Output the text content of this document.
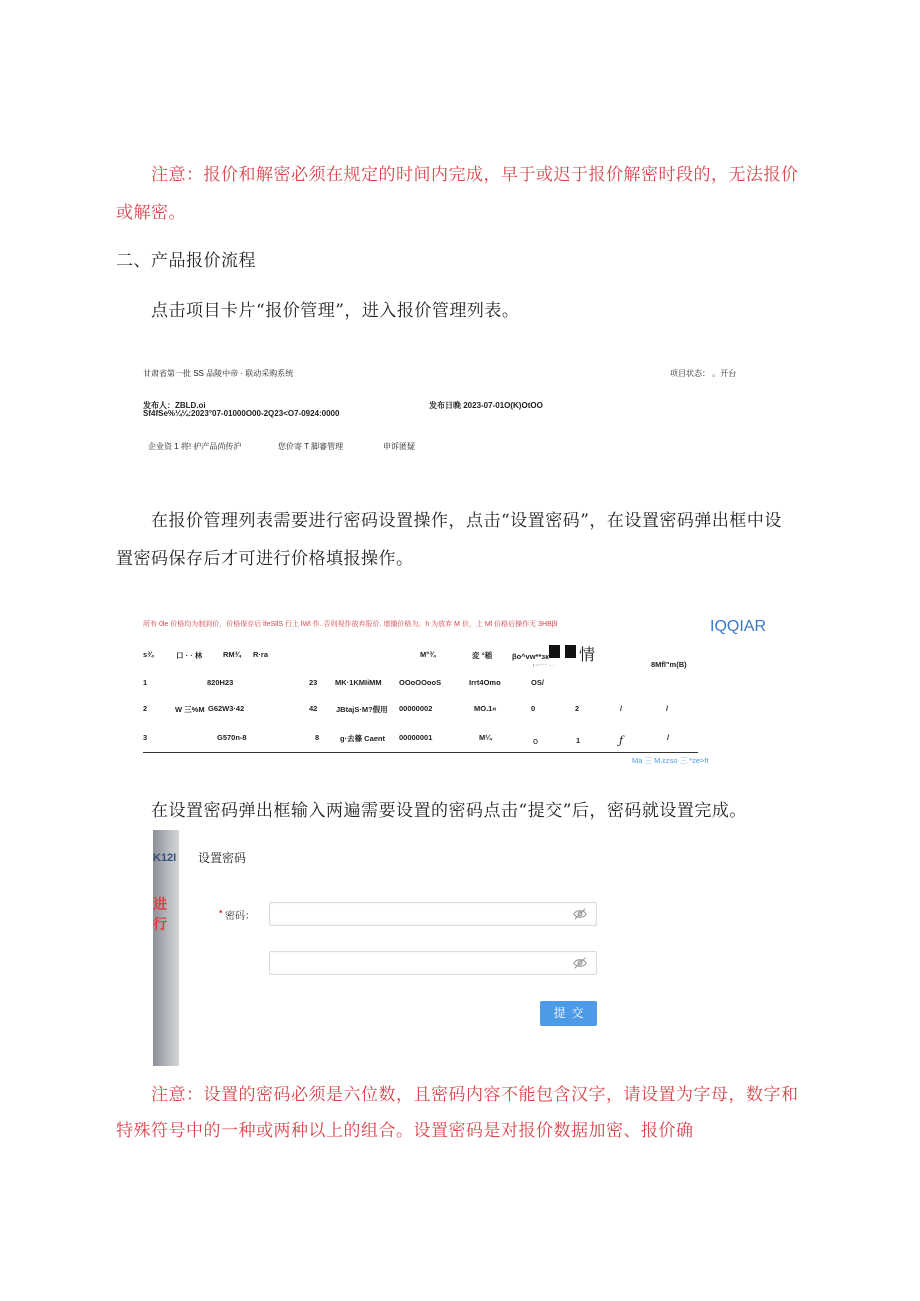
注意：报价和解密必须在规定的时间内完成，早于或迟于报价解密时段的，无法报价
或解密。
二、产品报价流程
点击项目卡片“报价管理”，进入报价管理列表。
甘肃省第一批 SS 品陵中帝 · 联动采购系统	项目状态： 。开台
发布人：ZBLD.oi	发布日晚 2023-07-01O(K)OtOO
Sf4fSe%¼¼:2023°07-01000O00-2Q23<O7-0924:0000
企业资 1 将! 护产品尚传沪	您价寄 T 脚審管理	申诉匿疑
在报价管理列表需要进行密码设置操作，点击“设置密码”，在设置密码弹出框中设
置密码保存后才可进行价格填报操作。
所有 0le 价格均为制到价，价格保存后 lfeSllS 行上 lWl 作. 否则视作放弃报价. 增播价格为。h 为放弃 M 价，上 Ml 价格后操作无 3HBβl	IQQIAR
s¾	口 · · 林	RM¾ R·ra	M°¾	変 °稲	βo^vw**зк 情
r ~⁻⁻⁻ ·· ·	8Mfl"m(B)
1	820H23	23 MK·1KMIiMM OOoOOooS	Irrt4Omo	OS/
2	W 三%M G62W3·42	42 JBtajS·M?假用 00000002	MO.1«	0	2	/	/
3	G570n-8	8	g·去篠 Caent 00000001	M¼	o	1	ƒ	/
Ma 三 M.ɛzso 三 *ze>ft
在设置密码弹出框输入两遍需要设置的密码点击“提交”后，密码就设置完成。
K12I
进行
设置密码
• 密码：
提交
注意：设置的密码必须是六位数，且密码内容不能包含汉字，请设置为字母，数字和
特殊符号中的一种或两种以上的组合。设置密码是对报价数据加密、报价确
